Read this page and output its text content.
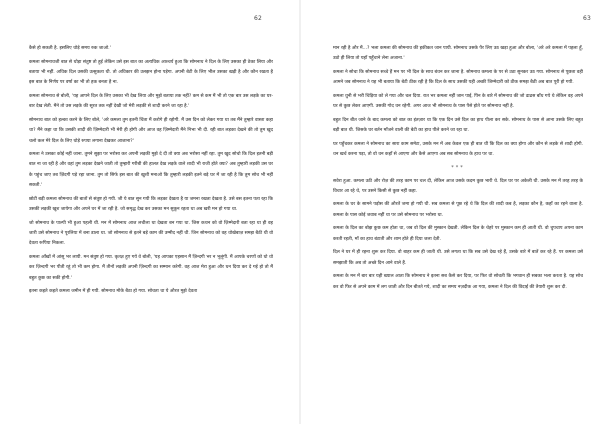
62

कैसे हो सकती है. इसलिए थोड़े समय रुक जाओ.'

कमला सोमनाथजी बात से थोड़ा संतुष्ट तो हुई लेकिन उसे इस बात का अत्यधिक आश्चर्य हुआ कि सोमनाथ ने दिल के लिए उसका ही ठेका लिया और बताया भी नहीं. अधिक दिल उसकी उत्सुकता थी. तो अधिकार की उलझन होना पड़ेगा. अपनी बेटी के लिए भील उसका खड़ी है और कौन रखता है इस बात के निर्णय पर वर्षा का भी तो हक बनता है ना.

कमला सोमनाथ से बोली, 'यह आपने दिल के लिए उसका भी देख लिया और मुझे बताया तक नहीं? कम से कम मैं भी तो एक बार उस लड़के का घर-बार देख लेती. मैंने तो उस लड़के की सूरत तक नहीं देखी जो मेरी लड़की से शादी करने जा रहा है.'

सोमनाथ बात को हल्का करने के लिए बोले, 'अरे कमला तुम इतनी चिंता मैं करोगे ही रहोगी. मैं उस दिन को लेकर गया था तब मैंने तुम्हारे वास्ता कहा था? मैंने कहा था कि उसकी शादी की ज़िम्मेदारी भी मेरी ही होगी और आज वह ज़िम्मेदारी मैंने निभा भी दी. रही बात लड़का देखने की तो तुम खुद चलो कल मेरे दिल के लिए थोड़े रुपया लगाना देखकर आजाना?'

कमला ने उसका कोई नहीं जाना. तुमने सुझा पर भरोसा कर अपनी लड़की मुझे दे दी तो क्या अब भरोसा नहीं रहा. तुम खुद सोचो कि दिल इतनी बड़ी बात ना जा रही है और वहां तुम लड़का देखने जाती तो तुम्हारी गरीबी की हालत देख लड़के वाले शादी भी राजी होते क्या? अब तुम्हारी लड़की उस घर के पहुंच जाए तब ज़िंदगी पड़े रहा जाना. तुम तो सिर्फ इस बात की खुशी मनाओ कि तुम्हारी लड़की इतने बड़े घर में जा रही है कि तुम सोच भी नहीं सकती.'

छोटी बड़ी कमला सोमनाथ की बातों से संतुष्ट हो गयी. जी ये बात सुन गयी कि लड़का देखता है या जमना रखता देखता है. उसे बस इतना पता रहा कि उसकी लड़की खुश जायेगा और अपने घर में जा रही है. जो समृद्ध देख कर उसका मन सुकून रहता था अब खरी मन हो गया था.

जो सोमनाथ के पाल्पी भी हुआ पहली थी. मन में सोमनाथ आज लचीला था देखता बन गया था. जिस कथन को वो ज़िम्मेदारी बता रहा था ही वह जारी उसे सोमनाथ ने पूरलिया में बना डाला था. जो सोमनाथ से इतने बड़े काम की उम्मीद नहीं थी. जिन सोमनाथ को वह धोखेबाज़ समझ बैठी थी वो देवता रूपिया निकला.

कमला आँखों में आंसू भर लायी. मन संतुष्ट हो गया. कृतज्ञ हुए गये वे बोली, 'यह आपका एहसान मैं ज़िन्दगी भर न भूलूंगी. मैं आपके चरणों को धो धो कर ज़िन्दगी भर पीती रहूं तो भी कम होगा. मैं तीनों लड़की अपनी ज़िन्दगी का सम्मान करेगी. वह आज मेरा हुआ और धन दिया कर दे गई हो तो मैं बहुत कुछ का सकी होगी.'

इतना कहते कहते कमला जमीन में ही गयी. सोमनाथ मौके बैठा हो गया. सोचता था ये औरत मुझे देवता

63

मान रही है और मैं...? भला कमला की सोमनाथ की हकीकत जान पायी. सोमनाथ उसके पैर लिए उठ खड़ा हुआ और बोला, 'अरे अरे कमला में पहला हूँ, उठो ही लिया तो यहाँ पहुँचाने लेना अजाना.'

कमला ने सोचा कि सोमनाथ सच्चे हैं मन पर भी दिल के साथ बंधन कर जाना है. सोमनाथ कमला के पर से उठा सुनकर उठ गया. सोमनाथ से पूछता वही आमने जब सोमनाथ ने यह भी बताया कि बेटी ठीक रही है कि दिल के साथ उसकी यही अच्छी जिम्मेदारी को ठीक समझ बैठी अब बात पूरी हो गयी.

कमला धुनी से भरी चिड़िया को ले गया और चल दिया. रात भर कमला नहीं जान पाई, पिन के बारे में सोमनाथ की जो ढाढस बाँध गये थे लेकिन वह अपने घर से कुछ लेकर आएगी. उसकी गोद धन रहेगी. अगर आज भी सोमनाथ के पास पैसे होते पर सोमनाथ नहीं है.

बहुत दिन बीत जाने के बाद कमला को बात का इंतज़ार था कि एक दिन उसे दिल का हाथ पीला कर सके. सोमनाथ के पास से आना उसके लिए बहुत बड़ी बात थी. जिसके घर बर्तन माँजने वाली की बेटी का हाथ पीले करने जा रहा था.

घर पहुँचकर कमला ने सोमनाथ का सारा काम समेटा, उसके मन में अब केवल एक ही बात थी कि दिल का क्या होगा और कौन से लड़के से शादी होगी. धन खर्च करना पड़ा, तो वो धन कहाँ से आएगा और कैसे आएगा अब सब सोमनाथ के हाथ पर था.

***

सवेरा हुआ. कमला उठी और रोज़ की तरह काम पर चल दी, लेकिन आज उसके कदम कुछ भारी थे. दिल घर पर अकेली थी. उसके मन में तरह तरह के विचार आ रहे थे, पर उसने किसी से कुछ नहीं कहा.

कमला के घर के सामने पड़ोस की औरतें जमा हो गयी थी. सब कमला से पूछ रहे थे कि दिल की शादी कब है, लड़का कौन है, कहाँ का रहने वाला है. कमला के पास कोई जवाब नहीं था पर उसे सोमनाथ पर भरोसा था.

कमला के दिल का बोझ कुछ कम होता था, जब वो दिल की मुस्कान देखती. लेकिन दिल के चेहरे पर मुस्कान कम ही आती थी. वो चुपचाप अपना काम करती रहती, माँ का हाथ बंटाती और शाम होते ही दिया जला देती.

दिल ने घर में ही रहना शुरू कर दिया. वो बाहर कम ही जाती थी. उसे लगता था कि सब उसे देख रहे हैं, उसके बारे में बातें कर रहे हैं. पर कमला उसे समझाती कि अब तो अच्छे दिन आने वाले हैं.

कमला के मन में बार बार यही ख्याल आता कि सोमनाथ ने इतना सब कैसे कर दिया, पर फिर वो सोचती कि भगवान ही सबका भला करता है. यह सोच कर वो फिर से अपने काम में लग जाती और दिन बीतते गये, शादी का समय नज़दीक आ गया, कमला ने दिल की विदाई की तैयारी शुरू कर दी.
